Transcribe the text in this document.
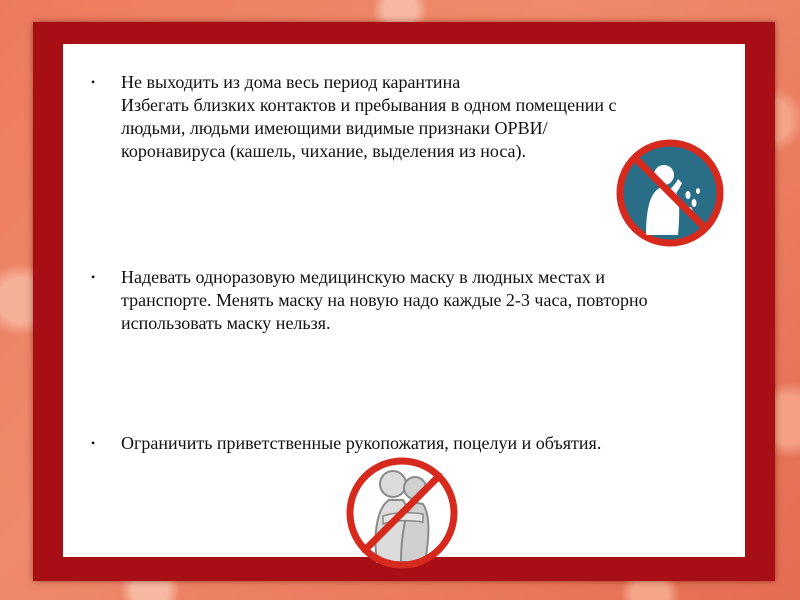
•	Не выходить из дома весь период карантина
Избегать близких контактов и пребывания в одном помещении с
людьми, людьми имеющими видимые признаки ОРВИ/
коронавируса (кашель, чихание, выделения из носа).
•	Надевать одноразовую медицинскую маску в людных местах и
транспорте. Менять маску на новую надо каждые 2-3 часа, повторно
использовать маску нельзя.
•	Ограничить приветственные рукопожатия, поцелуи и объятия.
